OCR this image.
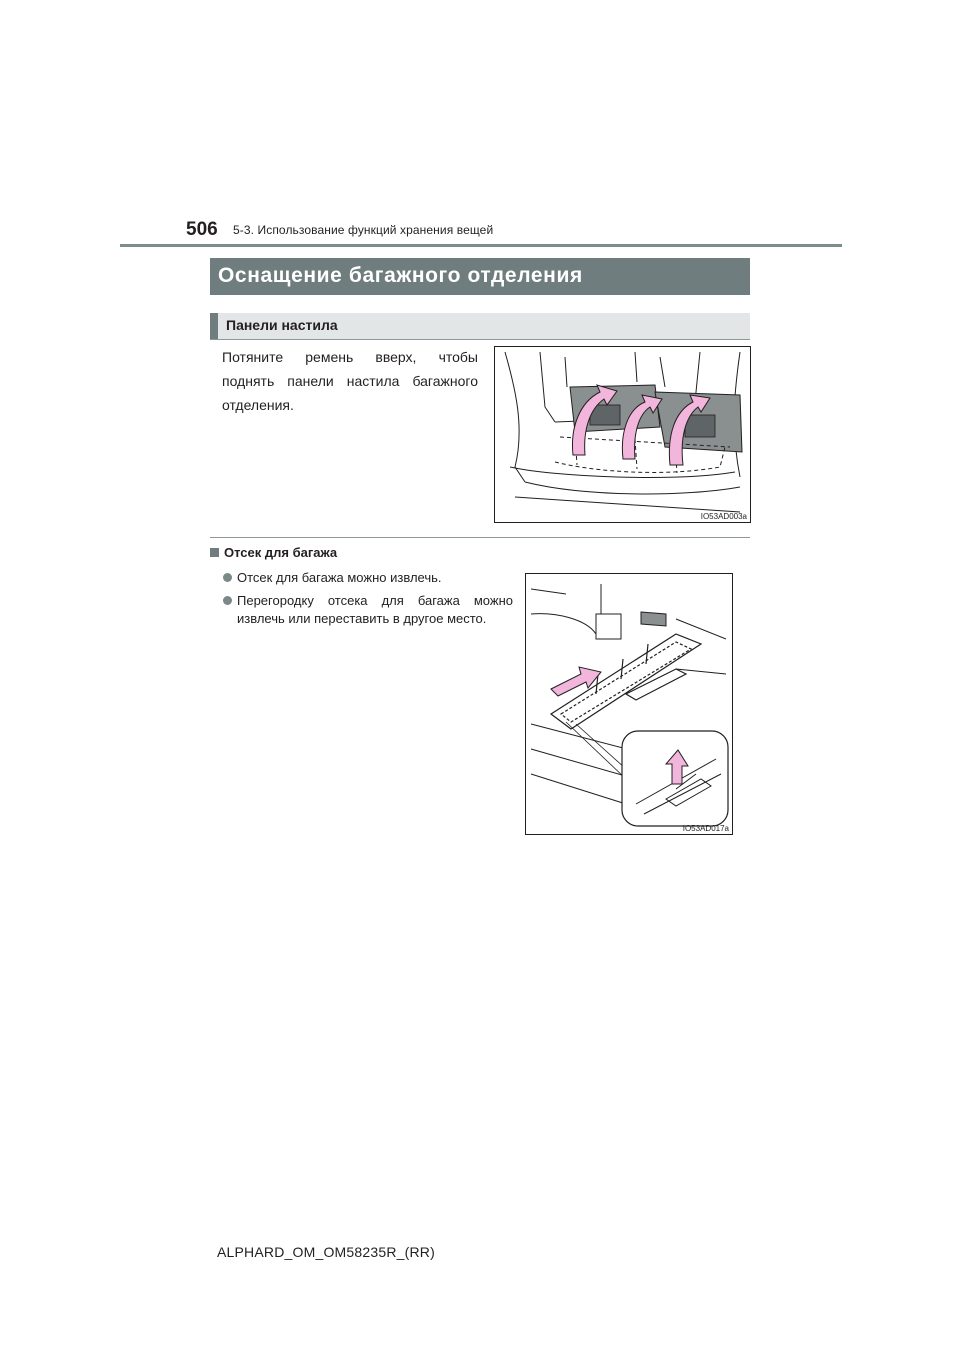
506 5-3. Использование функций хранения вещей
Оснащение багажного отделения
Панели настила
Потяните ремень вверх, чтобы поднять панели настила багажного отделения.
IO53AD003a
Отсек для багажа
Отсек для багажа можно извлечь.
Перегородку отсека для багажа можно извлечь или переставить в другое место.
IO53AD017a
ALPHARD_OM_OM58235R_(RR)
